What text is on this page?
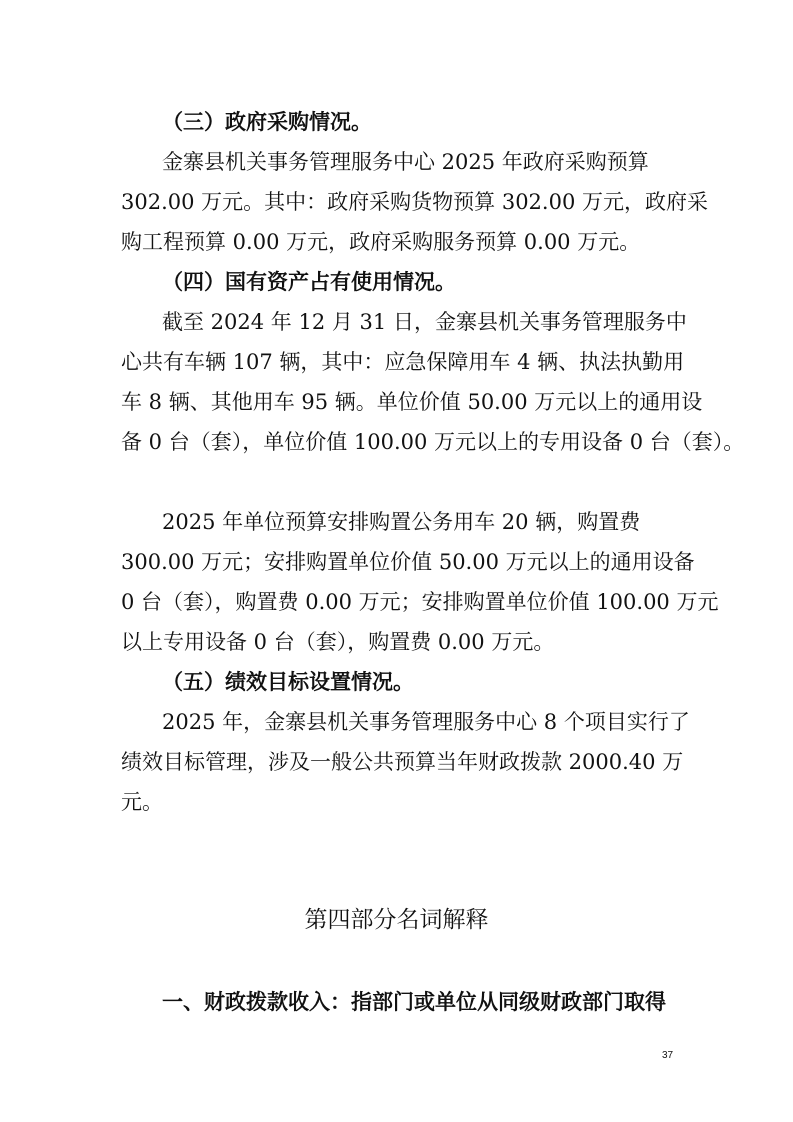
（三）政府采购情况。
金寨县机关事务管理服务中心 2025 年政府采购预算
302.00 万元。其中：政府采购货物预算 302.00 万元，政府采
购工程预算 0.00 万元，政府采购服务预算 0.00 万元。
（四）国有资产占有使用情况。
截至 2024 年 12 月 31 日，金寨县机关事务管理服务中
心共有车辆 107 辆，其中：应急保障用车 4 辆、执法执勤用
车 8 辆、其他用车 95 辆。单位价值 50.00 万元以上的通用设
备 0 台（套），单位价值 100.00 万元以上的专用设备 0 台（套）。
2025 年单位预算安排购置公务用车 20 辆，购置费
300.00 万元；安排购置单位价值 50.00 万元以上的通用设备
0 台（套），购置费 0.00 万元；安排购置单位价值 100.00 万元
以上专用设备 0 台（套），购置费 0.00 万元。
（五）绩效目标设置情况。
2025 年，金寨县机关事务管理服务中心 8 个项目实行了
绩效目标管理，涉及一般公共预算当年财政拨款 2000.40 万
元。
第四部分名词解释
一、财政拨款收入：指部门或单位从同级财政部门取得
37
